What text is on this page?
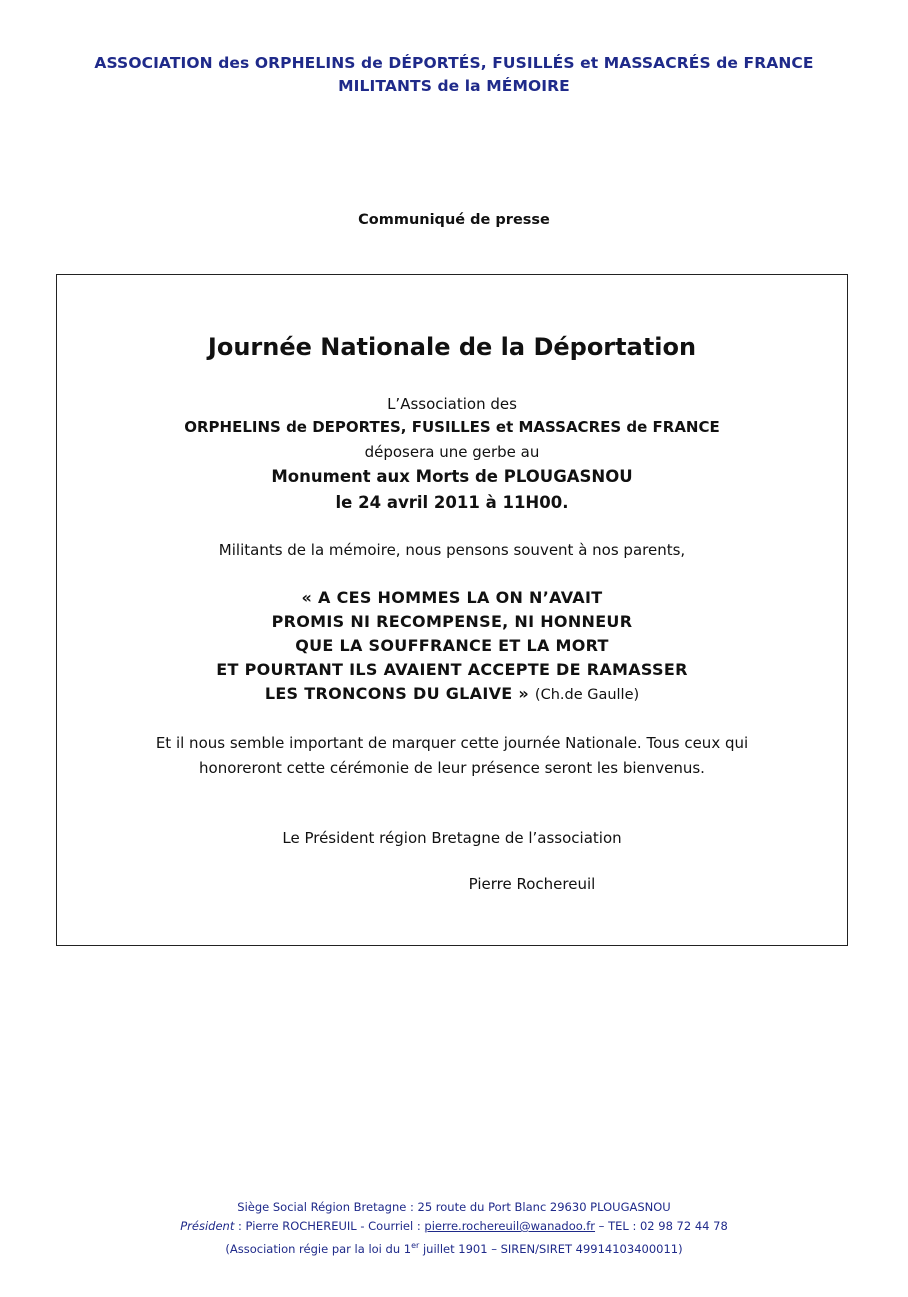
ASSOCIATION des ORPHELINS de DÉPORTÉS, FUSILLÉS et MASSACRÉS de FRANCE
MILITANTS de la MÉMOIRE
Communiqué de presse
Journée Nationale de la Déportation
L’Association des
ORPHELINS de DEPORTES, FUSILLES et MASSACRES de FRANCE
déposera une gerbe au
Monument aux Morts de PLOUGASNOU
le 24 avril 2011 à 11H00.
Militants de la mémoire, nous pensons souvent à nos parents,
« A CES HOMMES LA ON N’AVAIT
PROMIS NI RECOMPENSE, NI HONNEUR
QUE LA SOUFFRANCE ET LA MORT
ET POURTANT ILS AVAIENT ACCEPTE DE RAMASSER
LES TRONCONS DU GLAIVE » (Ch.de Gaulle)
Et il nous semble important de marquer cette journée Nationale. Tous ceux qui
honoreront cette cérémonie de leur présence seront les bienvenus.
Le Président région Bretagne de l’association
Pierre Rochereuil
Siège Social Région Bretagne : 25 route du Port Blanc 29630 PLOUGASNOU
Président : Pierre ROCHEREUIL - Courriel : pierre.rochereuil@wanadoo.fr – TEL : 02 98 72 44 78
(Association régie par la loi du 1er juillet 1901 – SIREN/SIRET 49914103400011)
